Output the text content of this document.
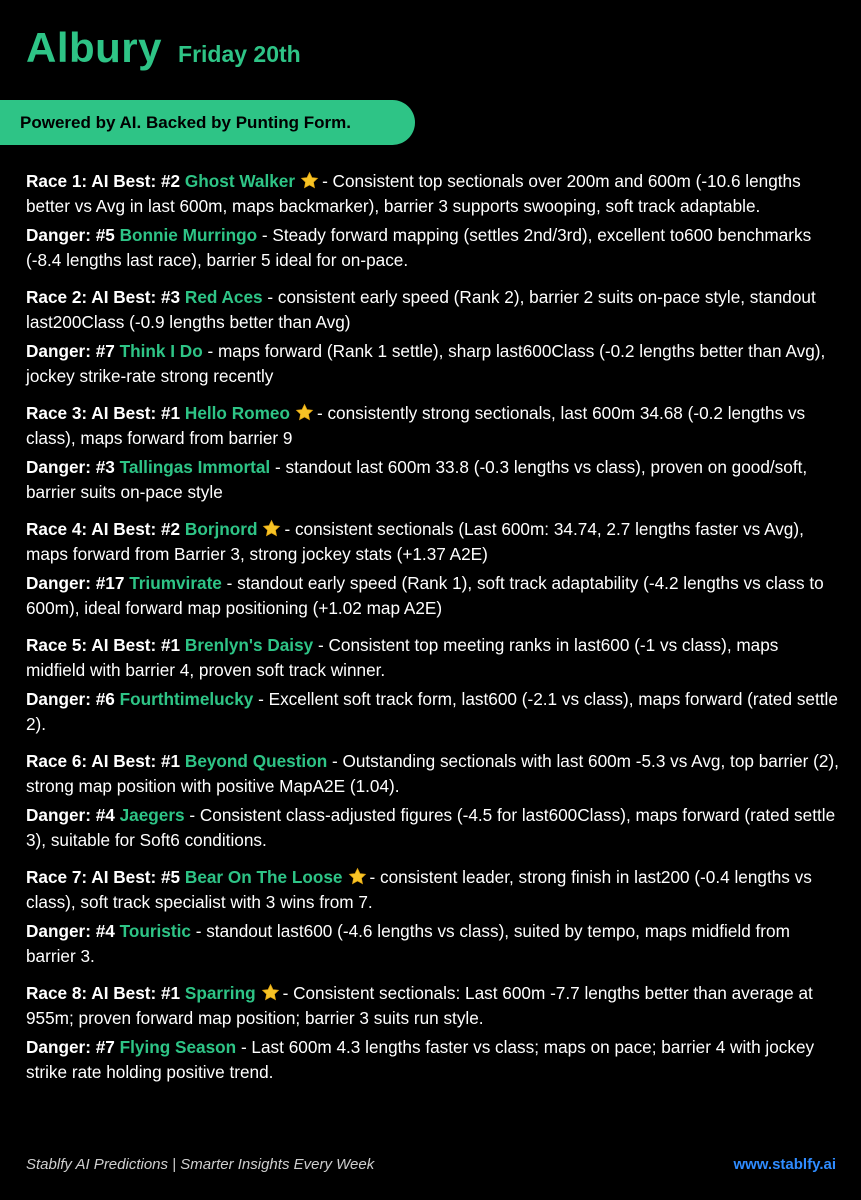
Albury Friday 20th
Powered by AI. Backed by Punting Form.
Race 1: AI Best: #2 Ghost Walker - Consistent top sectionals over 200m and 600m (-10.6 lengths better vs Avg in last 600m, maps backmarker), barrier 3 supports swooping, soft track adaptable.
Danger: #5 Bonnie Murringo - Steady forward mapping (settles 2nd/3rd), excellent to600 benchmarks (-8.4 lengths last race), barrier 5 ideal for on-pace.
Race 2: AI Best: #3 Red Aces - consistent early speed (Rank 2), barrier 2 suits on-pace style, standout last200Class (-0.9 lengths better than Avg)
Danger: #7 Think I Do - maps forward (Rank 1 settle), sharp last600Class (-0.2 lengths better than Avg), jockey strike-rate strong recently
Race 3: AI Best: #1 Hello Romeo - consistently strong sectionals, last 600m 34.68 (-0.2 lengths vs class), maps forward from barrier 9
Danger: #3 Tallingas Immortal - standout last 600m 33.8 (-0.3 lengths vs class), proven on good/soft, barrier suits on-pace style
Race 4: AI Best: #2 Borjnord - consistent sectionals (Last 600m: 34.74, 2.7 lengths faster vs Avg), maps forward from Barrier 3, strong jockey stats (+1.37 A2E)
Danger: #17 Triumvirate - standout early speed (Rank 1), soft track adaptability (-4.2 lengths vs class to 600m), ideal forward map positioning (+1.02 map A2E)
Race 5: AI Best: #1 Brenlyn's Daisy - Consistent top meeting ranks in last600 (-1 vs class), maps midfield with barrier 4, proven soft track winner.
Danger: #6 Fourthtimelucky - Excellent soft track form, last600 (-2.1 vs class), maps forward (rated settle 2).
Race 6: AI Best: #1 Beyond Question - Outstanding sectionals with last 600m -5.3 vs Avg, top barrier (2), strong map position with positive MapA2E (1.04).
Danger: #4 Jaegers - Consistent class-adjusted figures (-4.5 for last600Class), maps forward (rated settle 3), suitable for Soft6 conditions.
Race 7: AI Best: #5 Bear On The Loose - consistent leader, strong finish in last200 (-0.4 lengths vs class), soft track specialist with 3 wins from 7.
Danger: #4 Touristic - standout last600 (-4.6 lengths vs class), suited by tempo, maps midfield from barrier 3.
Race 8: AI Best: #1 Sparring - Consistent sectionals: Last 600m -7.7 lengths better than average at 955m; proven forward map position; barrier 3 suits run style.
Danger: #7 Flying Season - Last 600m 4.3 lengths faster vs class; maps on pace; barrier 4 with jockey strike rate holding positive trend.
Stablfy AI Predictions | Smarter Insights Every Week	www.stablfy.ai
